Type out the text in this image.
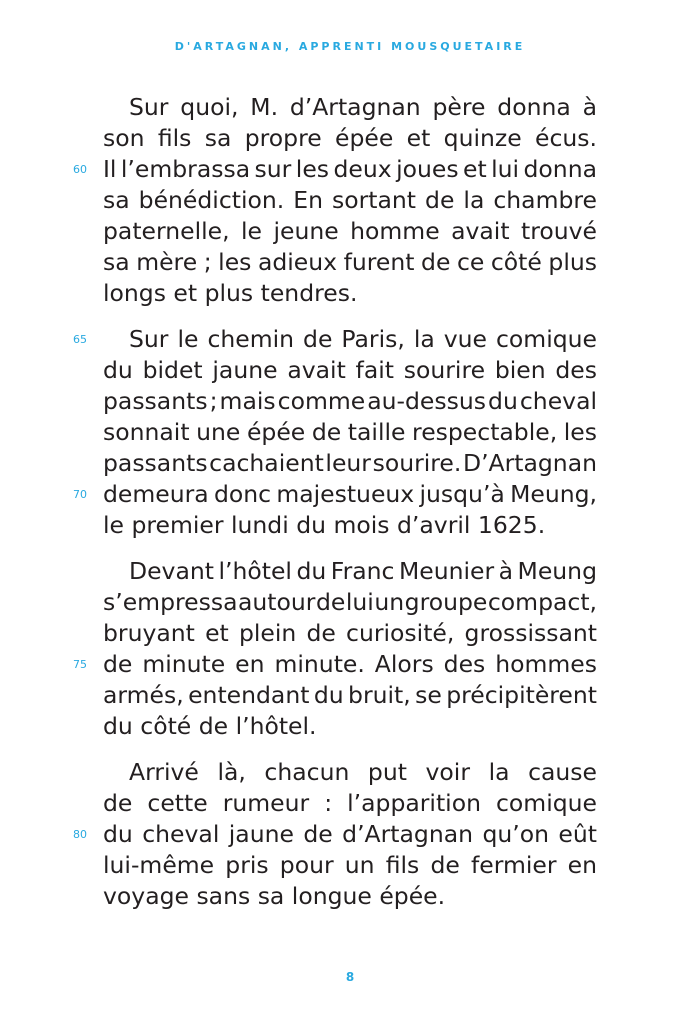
D'ARTAGNAN, APPRENTI MOUSQUETAIRE
Sur quoi, M. d’Artagnan père donna à
son fils sa propre épée et quinze écus.
Il l’embrassa sur les deux joues et lui donna
60
sa bénédiction. En sortant de la chambre
paternelle, le jeune homme avait trouvé
sa mère ; les adieux furent de ce côté plus
longs et plus tendres.
Sur le chemin de Paris, la vue comique
65
du bidet jaune avait fait sourire bien des
passants ; mais comme au-dessus du cheval
sonnait une épée de taille respectable, les
passants cachaient leur sourire. D’Artagnan
demeura donc majestueux jusqu’à Meung,
70
le premier lundi du mois d’avril 1625.
Devant l’hôtel du Franc Meunier à Meung
s’empressa autour de lui un groupe compact,
bruyant et plein de curiosité, grossissant
de minute en minute. Alors des hommes
75
armés, entendant du bruit, se précipitèrent
du côté de l’hôtel.
Arrivé là, chacun put voir la cause
de cette rumeur : l’apparition comique
du cheval jaune de d’Artagnan qu’on eût
80
lui-même pris pour un fils de fermier en
voyage sans sa longue épée.
8
